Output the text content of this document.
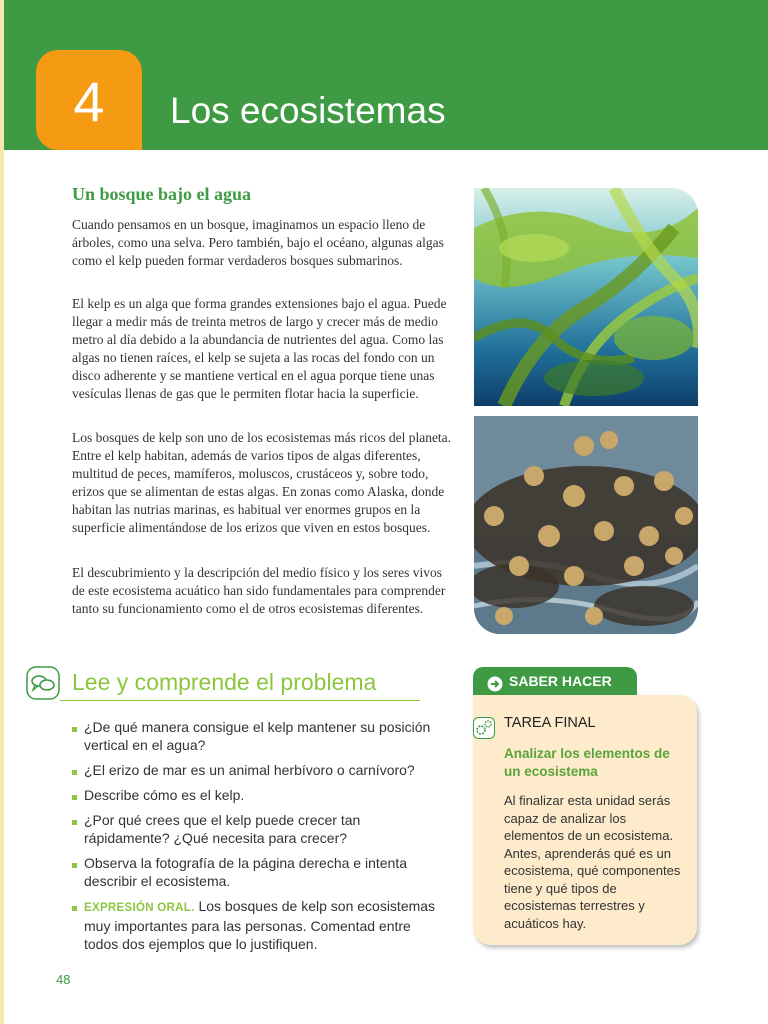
4	Los ecosistemas
Un bosque bajo el agua

Cuando pensamos en un bosque, imaginamos un espacio lleno de árboles, como una selva. Pero también, bajo el océano, algunas algas como el kelp pueden formar verdaderos bosques submarinos.

El kelp es un alga que forma grandes extensiones bajo el agua. Puede llegar a medir más de treinta metros de largo y crecer más de medio metro al día debido a la abundancia de nutrientes del agua. Como las algas no tienen raíces, el kelp se sujeta a las rocas del fondo con un disco adherente y se mantiene vertical en el agua porque tiene unas vesículas llenas de gas que le permiten flotar hacia la superficie.

Los bosques de kelp son uno de los ecosistemas más ricos del planeta. Entre el kelp habitan, además de varios tipos de algas diferentes, multitud de peces, mamíferos, moluscos, crustáceos y, sobre todo, erizos que se alimentan de estas algas. En zonas como Alaska, donde habitan las nutrias marinas, es habitual ver enormes grupos en la superficie alimentándose de los erizos que viven en estos bosques.

El descubrimiento y la descripción del medio físico y los seres vivos de este ecosistema acuático han sido fundamentales para comprender tanto su funcionamiento como el de otros ecosistemas diferentes.

Lee y comprende el problema
¿De qué manera consigue el kelp mantener su posición vertical en el agua?
¿El erizo de mar es un animal herbívoro o carnívoro?
Describe cómo es el kelp.
¿Por qué crees que el kelp puede crecer tan rápidamente? ¿Qué necesita para crecer?
Observa la fotografía de la página derecha e intenta describir el ecosistema.
EXPRESIÓN ORAL. Los bosques de kelp son ecosistemas muy importantes para las personas. Comentad entre todos dos ejemplos que lo justifiquen.
48
SABER HACER
TAREA FINAL

Analizar los elementos de un ecosistema

Al finalizar esta unidad serás capaz de analizar los elementos de un ecosistema. Antes, aprenderás qué es un ecosistema, qué componentes tiene y qué tipos de ecosistemas terrestres y acuáticos hay.
